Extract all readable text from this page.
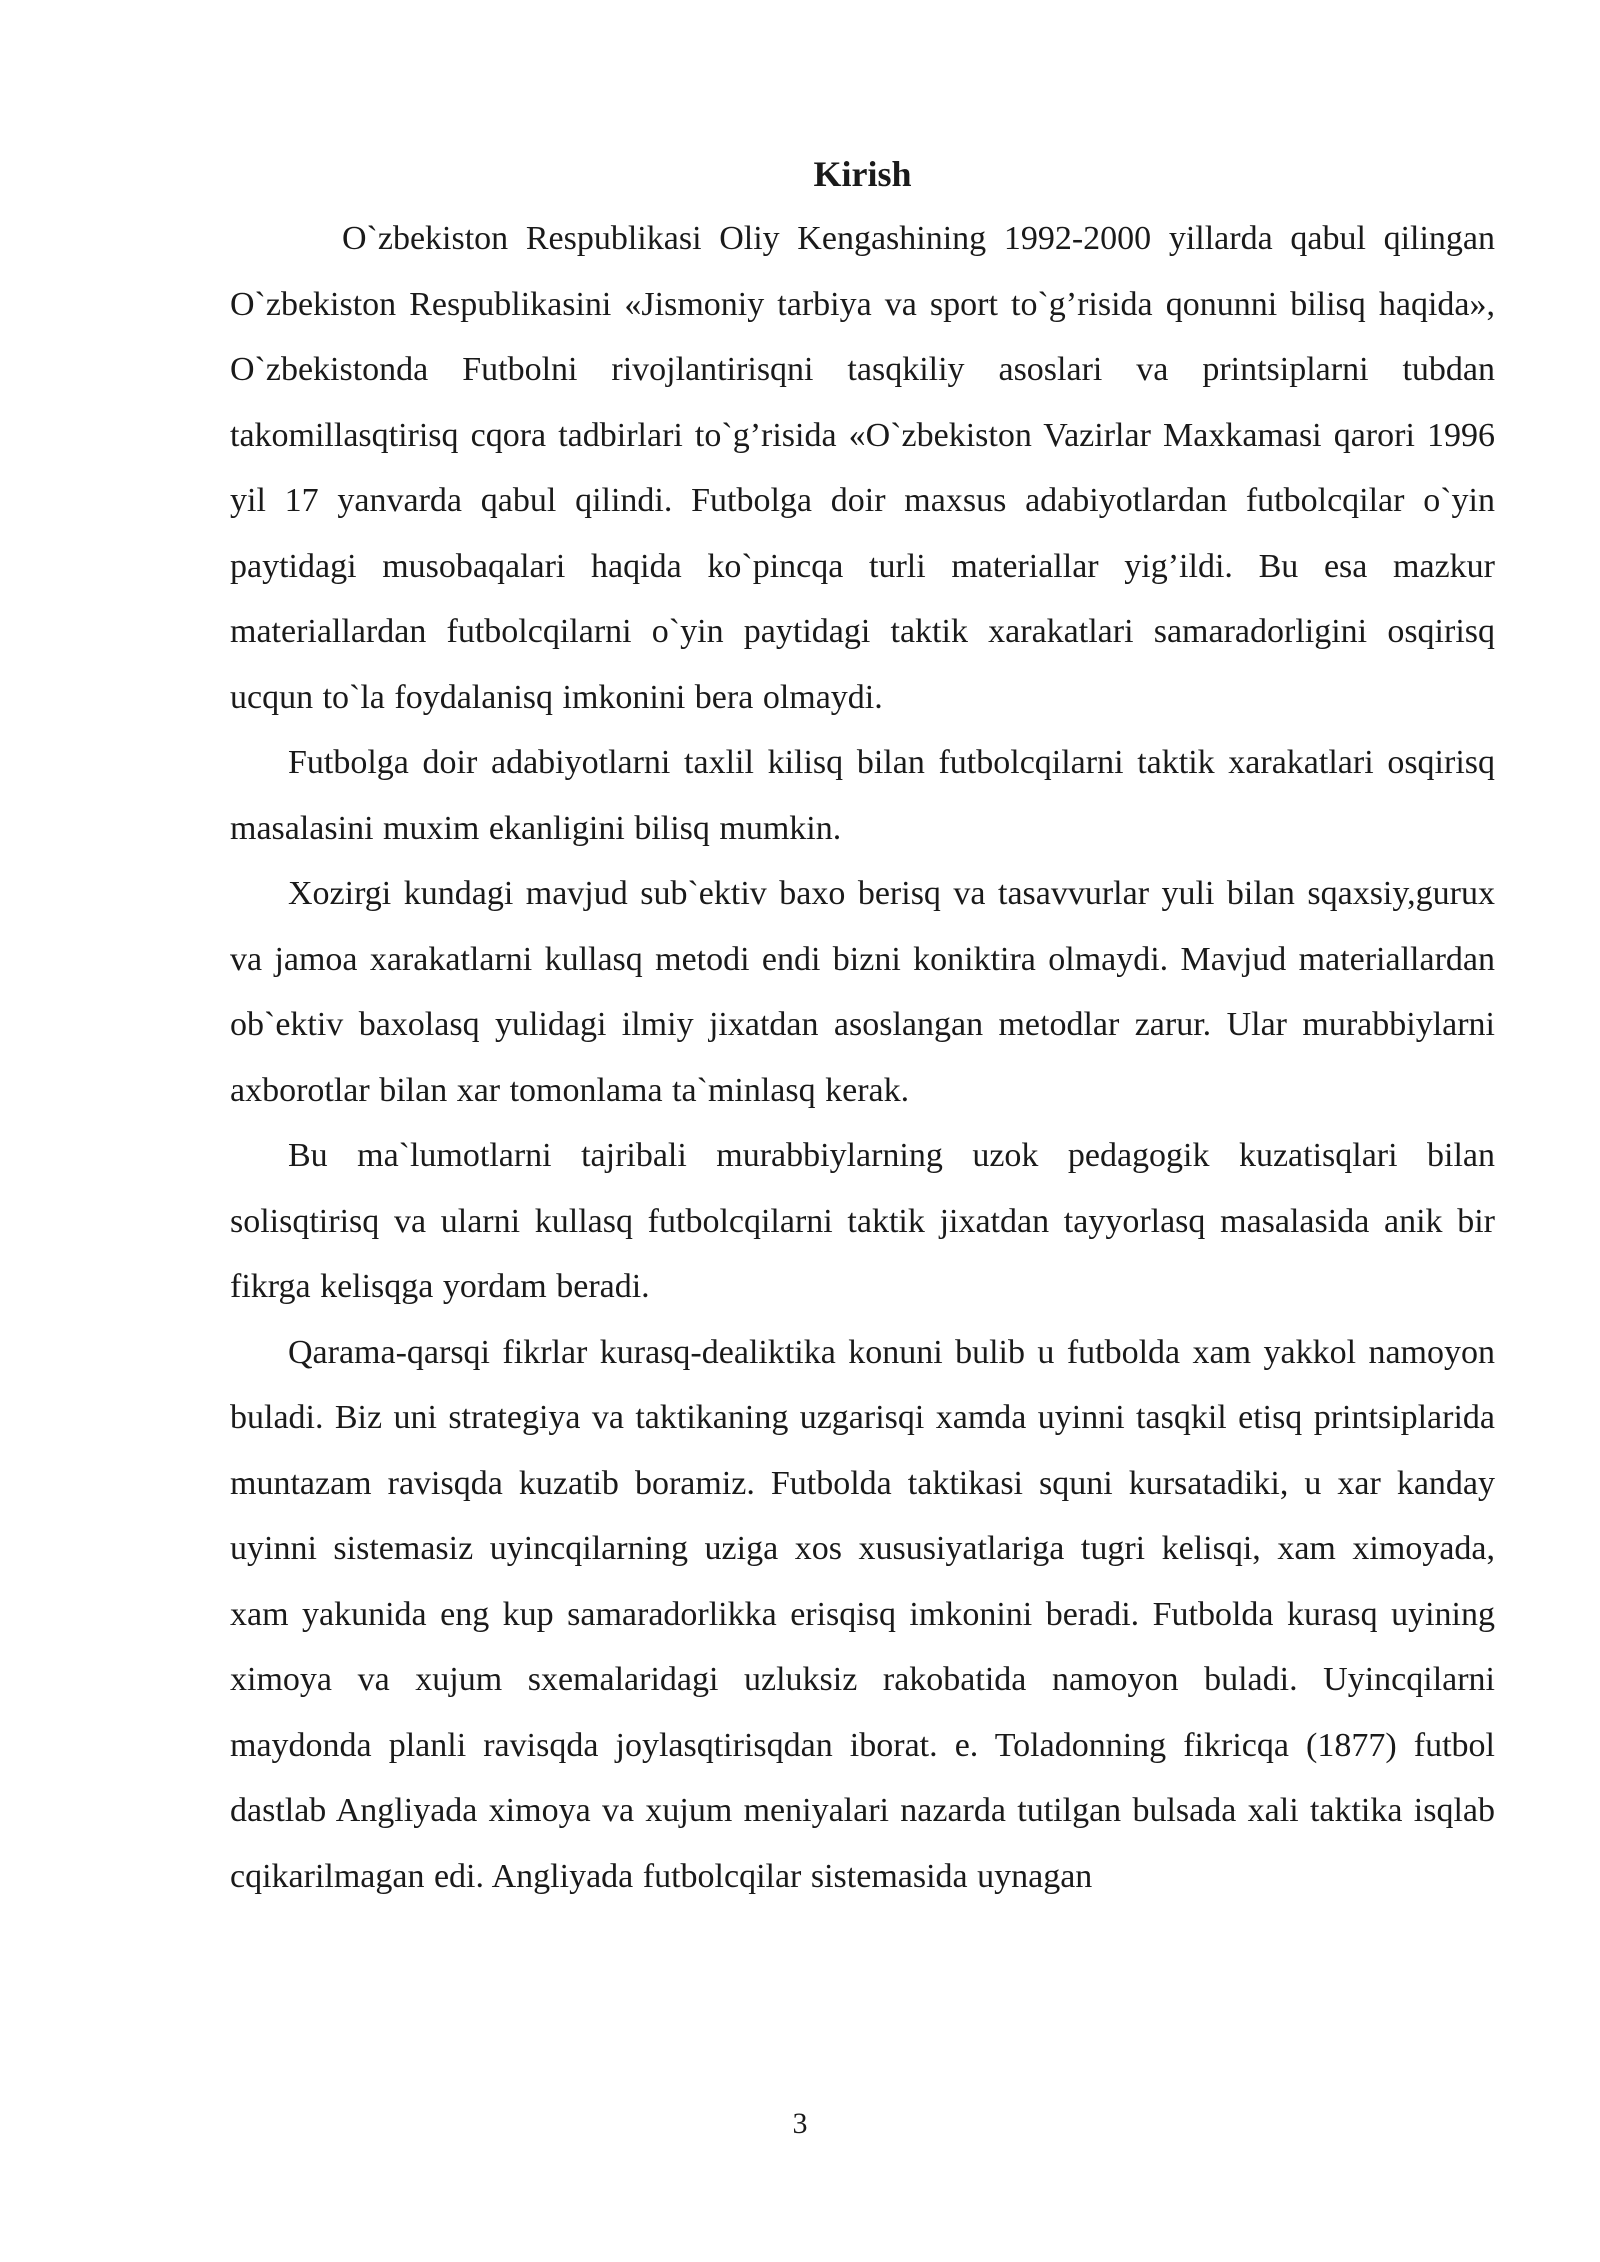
Kirish

O`zbekiston Respublikasi Oliy Kengashining 1992-2000 yillarda qabul qilingan O`zbekiston Respublikasini «Jismoniy tarbiya va sport to`g’risida qonunni bilisq haqida», O`zbekistonda Futbolni rivojlantirisqni tasqkiliy asoslari va printsiplarni tubdan takomillasqtirisq cqora tadbirlari to`g’risida «O`zbekiston Vazirlar Maxkamasi qarori 1996 yil 17 yanvarda qabul qilindi. Futbolga doir maxsus adabiyotlardan futbolcqilar o`yin paytidagi musobaqalari haqida ko`pincqa turli materiallar yig’ildi. Bu esa mazkur materiallardan futbolcqilarni o`yin paytidagi taktik xarakatlari samaradorligini osqirisq ucqun to`la foydalanisq imkonini bera olmaydi.

Futbolga doir adabiyotlarni taxlil kilisq bilan futbolcqilarni taktik xarakatlari osqirisq masalasini muxim ekanligini bilisq mumkin.

Xozirgi kundagi mavjud sub`ektiv baxo berisq va tasavvurlar yuli bilan sqaxsiy,gurux va jamoa xarakatlarni kullasq metodi endi bizni koniktira olmaydi. Mavjud materiallardan ob`ektiv baxolasq yulidagi ilmiy jixatdan asoslangan metodlar zarur. Ular murabbiylarni axborotlar bilan xar tomonlama ta`minlasq kerak.

Bu ma`lumotlarni tajribali murabbiylarning uzok pedagogik kuzatisqlari bilan solisqtirisq va ularni kullasq futbolcqilarni taktik jixatdan tayyorlasq masalasida anik bir fikrga kelisqga yordam beradi.

Qarama-qarsqi fikrlar kurasq-dealiktika konuni bulib u futbolda xam yakkol namoyon buladi. Biz uni strategiya va taktikaning uzgarisqi xamda uyinni tasqkil etisq printsiplarida muntazam ravisqda kuzatib boramiz. Futbolda taktikasi squni kursatadiki, u xar kanday uyinni sistemasiz uyincqilarning uziga xos xususiyatlariga tugri kelisqi, xam ximoyada, xam yakunida eng kup samaradorlikka erisqisq imkonini beradi. Futbolda kurasq uyining ximoya va xujum sxemalaridagi uzluksiz rakobatida namoyon buladi. Uyincqilarni maydonda planli ravisqda joylasqtirisqdan iborat. e. Toladonning fikricqa (1877) futbol dastlab Angliyada ximoya va xujum meniyalari nazarda tutilgan bulsada xali taktika isqlab cqikarilmagan edi. Angliyada futbolcqilar sistemasida uynagan

3
